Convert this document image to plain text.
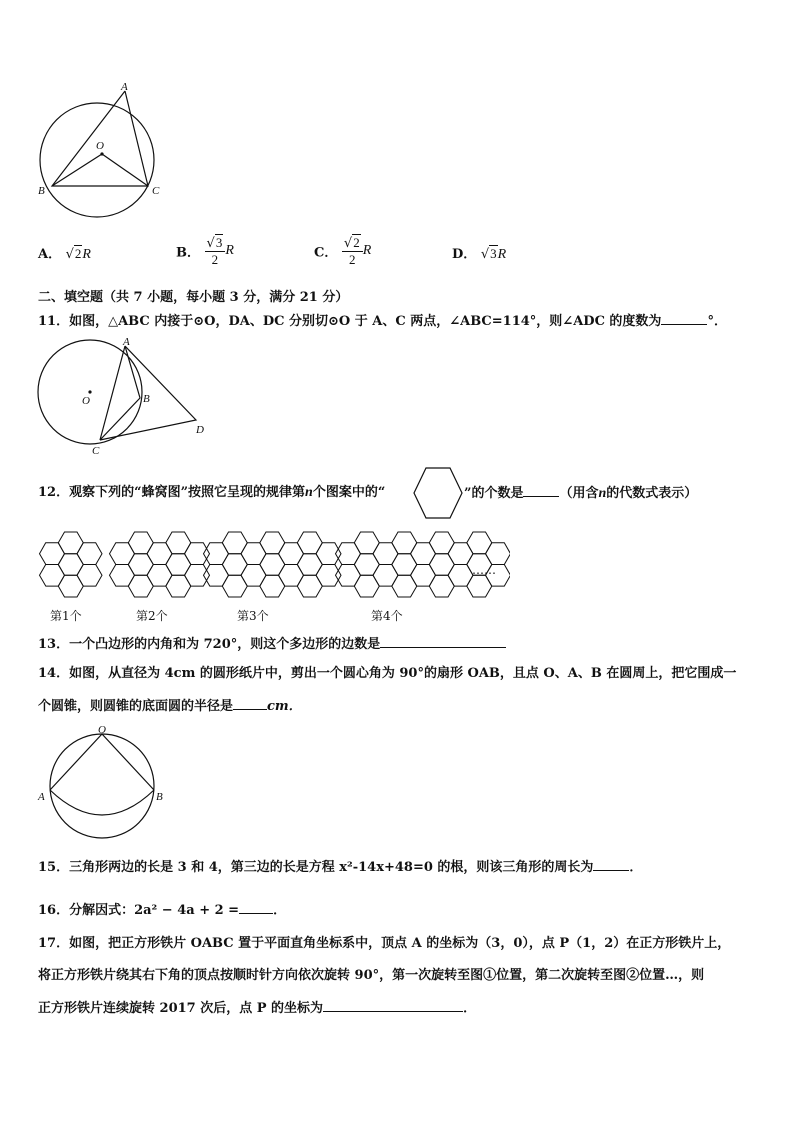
A
O
B	C
A． √2R	B． $\frac{√3}{2}$ R	C． $\frac{√2}{2}$ R	D． √3R
二、填空题（共 7 小题，每小题 3 分，满分 21 分）
11．如图，△ABC 内接于⊙O，DA、DC 分别切⊙O 于 A、C 两点，∠ABC=114°，则∠ADC 的度数为	°．
A
O	B
C
D
12．观察下列的“蜂窝图”按照它呈现的规律第n个图案中的“	”的个数是	（用含n的代数式表示）
第1个	第2个	第3个	第4个
……
13．一个凸边形的内角和为 720°，则这个多边形的边数是
14．如图，从直径为 4cm 的圆形纸片中，剪出一个圆心角为 90°的扇形 OAB，且点 O、A、B 在圆周上，把它围成一
个圆锥，则圆锥的底面圆的半径是	cm．
O
A	B
15．三角形两边的长是 3 和 4，第三边的长是方程 x²-14x+48=0 的根，则该三角形的周长为	．
16．分解因式：2a² − 4a + 2 =	．
17．如图，把正方形铁片 OABC 置于平面直角坐标系中，顶点 A 的坐标为（3，0），点 P（1，2）在正方形铁片上，
将正方形铁片绕其右下角的顶点按顺时针方向依次旋转 90°，第一次旋转至图①位置，第二次旋转至图②位置…，则
正方形铁片连续旋转 2017 次后，点 P 的坐标为	．
